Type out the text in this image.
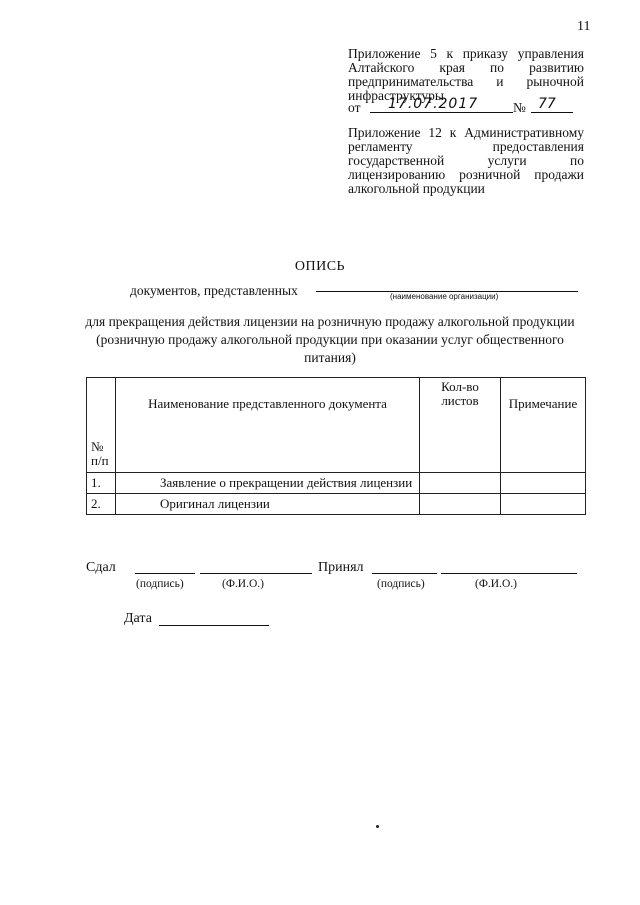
11
Приложение 5 к приказу управления Алтайского края по развитию предпринимательства и рыночной инфраструктуры
от 17.07.2017	№ 77
Приложение 12 к Административному регламенту предоставления государственной услуги по лицензированию розничной продажи алкогольной продукции
ОПИСЬ
документов, представленных	(наименование организации)
для прекращения действия лицензии на розничную продажу алкогольной продукции (розничную продажу алкогольной продукции при оказании услуг общественного питания)
№ п/п	Наименование представленного документа	Кол-во листов	Примечание
1.	Заявление о прекращении действия лицензии		
2.	Оригинал лицензии		
Сдал
(подпись)	(Ф.И.О.)
Принял
(подпись)	(Ф.И.О.)
Дата
